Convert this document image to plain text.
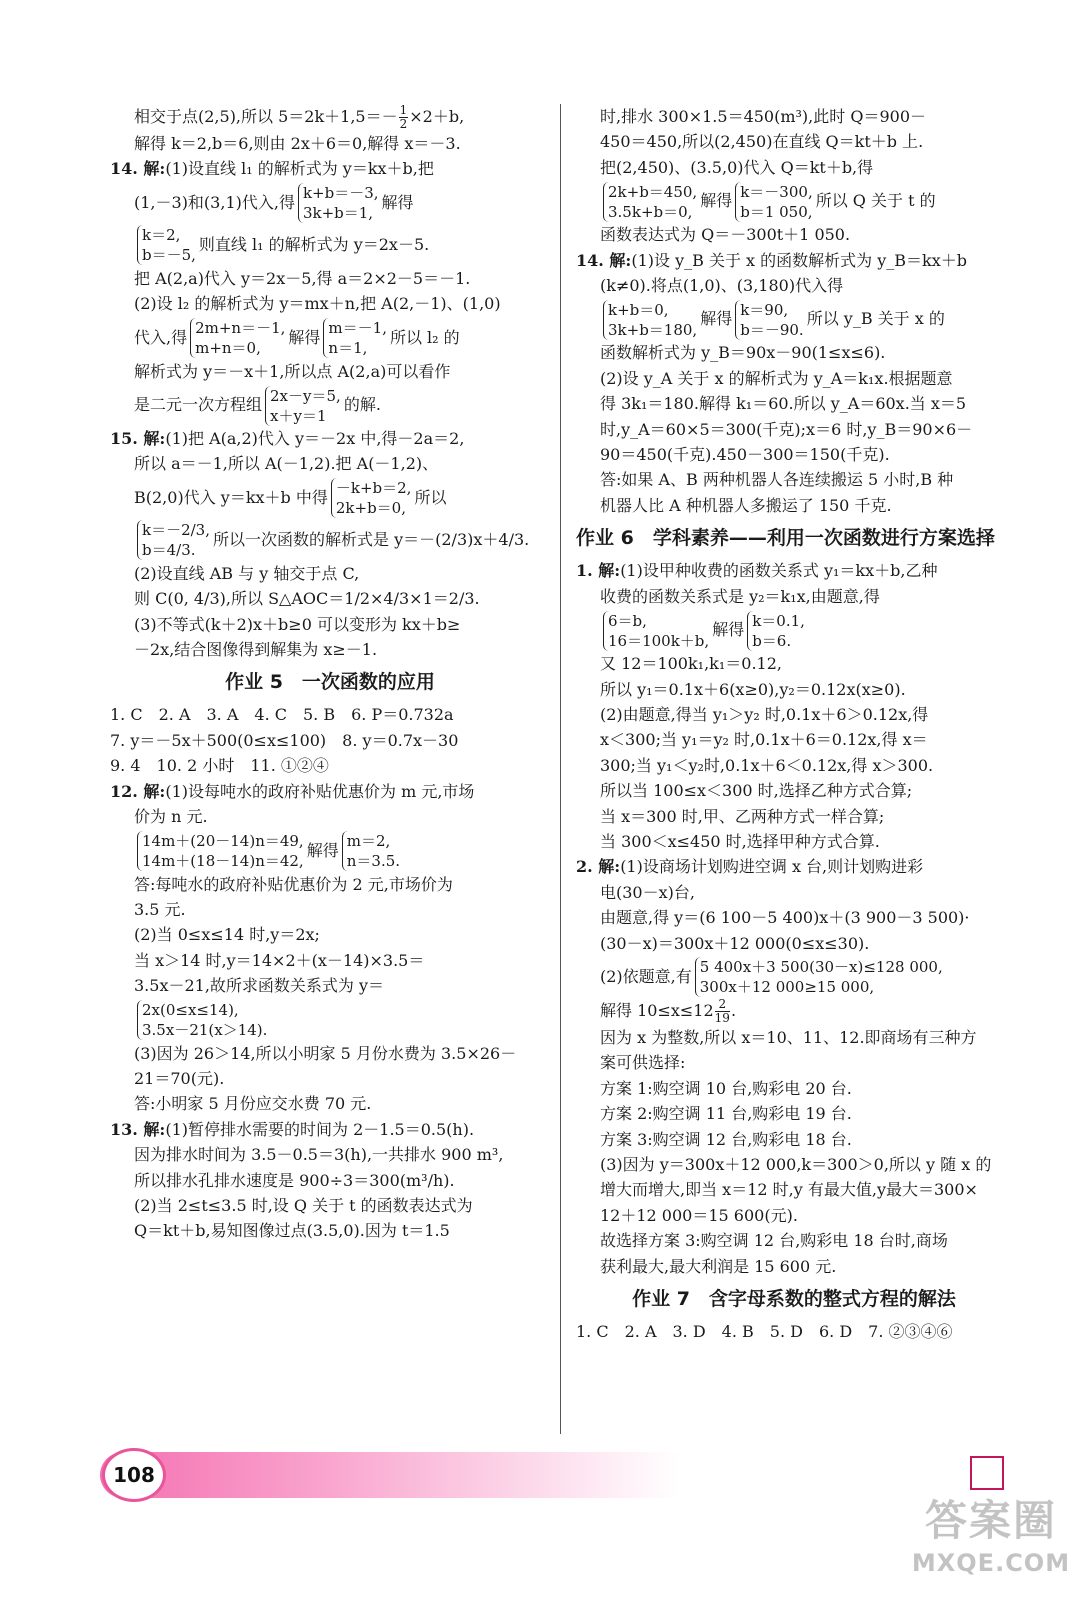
相交于点(2,5),所以 $5=2k+1,5=- \frac{1}{2} \times 2+b$,
解得 k＝2,b＝6,则由 2x＋6＝0,解得 x＝－3.
14. 解:(1)设直线 l₁ 的解析式为 y＝kx＋b,把
(1,－3)和(3,1)代入,得 k+b＝－3,
3k+b＝1,
解得
k＝2,
b＝－5,
则直线 l₁ 的解析式为 y＝2x－5.
把 A(2,a)代入 y＝2x－5,得 a＝2×2－5＝－1.
(2)设 l₂ 的解析式为 y＝mx＋n,把 A(2,－1)、(1,0)
代入,得 2m+n＝－1,
m+n＝0,
解得 m＝－1,
n＝1,
所以 l₂ 的
解析式为 y＝－x＋1,所以点 A(2,a)可以看作
是二元一次方程组 2x－y＝5,
x＋y＝1
的解.
15. 解:(1)把 A(a,2)代入 y＝－2x 中,得－2a＝2,
所以 a＝－1,所以 A(－1,2).把 A(－1,2)、
B(2,0)代入 y＝kx＋b 中得 －k+b＝2,
2k+b＝0,
所以
k＝－2/3,
b＝4/3.
所以一次函数的解析式是 y＝－(2/3)x＋4/3.
(2)设直线 AB 与 y 轴交于点 C,
则 C(0, 4/3),所以 S△AOC＝1/2×4/3×1＝2/3.
(3)不等式(k＋2)x＋b≥0 可以变形为 kx＋b≥
－2x,结合图像得到解集为 x≥－1.
作业 5　一次函数的应用
1. C　2. A　3. A　4. C　5. B　6. P＝0.732a
7. y＝－5x＋500(0≤x≤100)　8. y＝0.7x－30
9. 4　10. 2 小时　11. ①②④
12. 解:(1)设每吨水的政府补贴优惠价为 m 元,市场
价为 n 元.
14m＋(20－14)n＝49,
14m＋(18－14)n＝42,
解得 m＝2,
n＝3.5.
答:每吨水的政府补贴优惠价为 2 元,市场价为
3.5 元.
(2)当 0≤x≤14 时,y＝2x;
当 x＞14 时,y＝14×2＋(x－14)×3.5＝
3.5x－21,故所求函数关系式为 y＝
2x(0≤x≤14),
3.5x－21(x＞14).
(3)因为 26＞14,所以小明家 5 月份水费为 3.5×26－
21＝70(元).
答:小明家 5 月份应交水费 70 元.
13. 解:(1)暂停排水需要的时间为 2－1.5＝0.5(h).
因为排水时间为 3.5－0.5＝3(h),一共排水 900 m³,
所以排水孔排水速度是 900÷3＝300(m³/h).
(2)当 2≤t≤3.5 时,设 Q 关于 t 的函数表达式为
Q＝kt＋b,易知图像过点(3.5,0).因为 t＝1.5
时,排水 300×1.5＝450(m³),此时 Q＝900－
450＝450,所以(2,450)在直线 Q＝kt＋b 上.
把(2,450)、(3.5,0)代入 Q＝kt＋b,得
2k+b＝450,
3.5k+b＝0,
解得 k＝－300,
b＝1 050,
所以 Q 关于 t 的
函数表达式为 Q＝－300t＋1 050.
14. 解:(1)设 y_B 关于 x 的函数解析式为 y_B＝kx＋b
(k≠0).将点(1,0)、(3,180)代入得
k+b＝0,
3k+b＝180,
解得 k＝90,
b＝－90.
所以 y_B 关于 x 的
函数解析式为 y_B＝90x－90(1≤x≤6).
(2)设 y_A 关于 x 的解析式为 y_A＝k₁x.根据题意
得 3k₁＝180.解得 k₁＝60.所以 y_A＝60x.当 x＝5
时,y_A＝60×5＝300(千克);x＝6 时,y_B＝90×6－
90＝450(千克).450－300＝150(千克).
答:如果 A、B 两种机器人各连续搬运 5 小时,B 种
机器人比 A 种机器人多搬运了 150 千克.
作业 6　学科素养——利用一次函数进行方案选择
1. 解:(1)设甲种收费的函数关系式 y₁＝kx＋b,乙种
收费的函数关系式是 y₂＝k₁x,由题意,得
6＝b,
16＝100k＋b,
解得 k＝0.1,
b＝6.
又 12＝100k₁,k₁＝0.12,
所以 y₁＝0.1x＋6(x≥0),y₂＝0.12x(x≥0).
(2)由题意,得当 y₁＞y₂ 时,0.1x＋6＞0.12x,得
x＜300;当 y₁＝y₂ 时,0.1x＋6＝0.12x,得 x＝
300;当 y₁＜y₂时,0.1x＋6＜0.12x,得 x＞300.
所以当 100≤x＜300 时,选择乙种方式合算;
当 x＝300 时,甲、乙两种方式一样合算;
当 300＜x≤450 时,选择甲种方式合算.
2. 解:(1)设商场计划购进空调 x 台,则计划购进彩
电(30－x)台,
由题意,得 y＝(6 100－5 400)x＋(3 900－3 500)·
(30－x)＝300x＋12 000(0≤x≤30).
(2)依题意,有 5 400x＋3 500(30－x)≤128 000,
300x＋12 000≥15 000,
解得 $10\le x\le 12 \frac{2}{19}$ .
因为 x 为整数,所以 x＝10、11、12.即商场有三种方
案可供选择:
方案 1:购空调 10 台,购彩电 20 台.
方案 2:购空调 11 台,购彩电 19 台.
方案 3:购空调 12 台,购彩电 18 台.
(3)因为 y＝300x＋12 000,k＝300＞0,所以 y 随 x 的
增大而增大,即当 x＝12 时,y 有最大值,y最大＝300×
12＋12 000＝15 600(元).
故选择方案 3:购空调 12 台,购彩电 18 台时,商场
获利最大,最大利润是 15 600 元.
作业 7　含字母系数的整式方程的解法
1. C　2. A　3. D　4. B　5. D　6. D　7. ②③④⑥
108
答案圈
MXQE.COM
